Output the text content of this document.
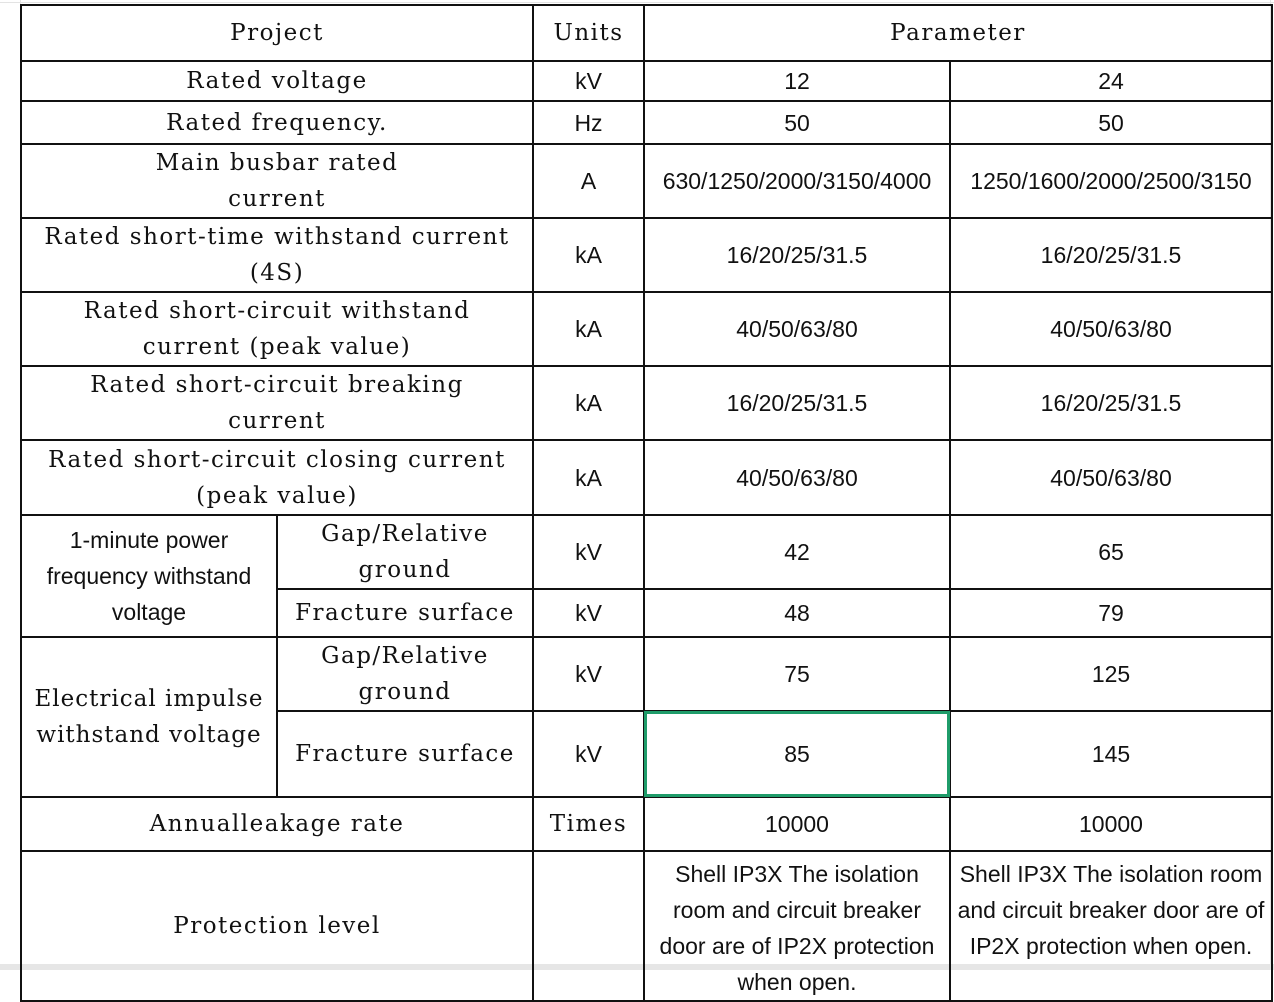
Project		Units	Parameter	
Rated voltage		kV	12	24
Rated frequency.		Hz	50	50
Main busbar rated current		A	630/1250/2000/3150/4000	1250/1600/2000/2500/3150
Rated short-time withstand current (4S)		kA	16/20/25/31.5	16/20/25/31.5
Rated short-circuit withstand current (peak value)		kA	40/50/63/80	40/50/63/80
Rated short-circuit breaking current		kA	16/20/25/31.5	16/20/25/31.5
Rated short-circuit closing current (peak value)		kA	40/50/63/80	40/50/63/80
1-minute power frequency withstand voltage	Gap/Relative ground	kV	42	65
	Fracture surface	kV	48	79
Electrical impulse withstand voltage	Gap/Relative ground	kV	75	125
	Fracture surface	kV	85	145
Annualleakage rate		Times	10000	10000
Protection level			Shell IP3X The isolation room and circuit breaker door are of IP2X protection when open.	Shell IP3X The isolation room and circuit breaker door are of IP2X protection when open.
